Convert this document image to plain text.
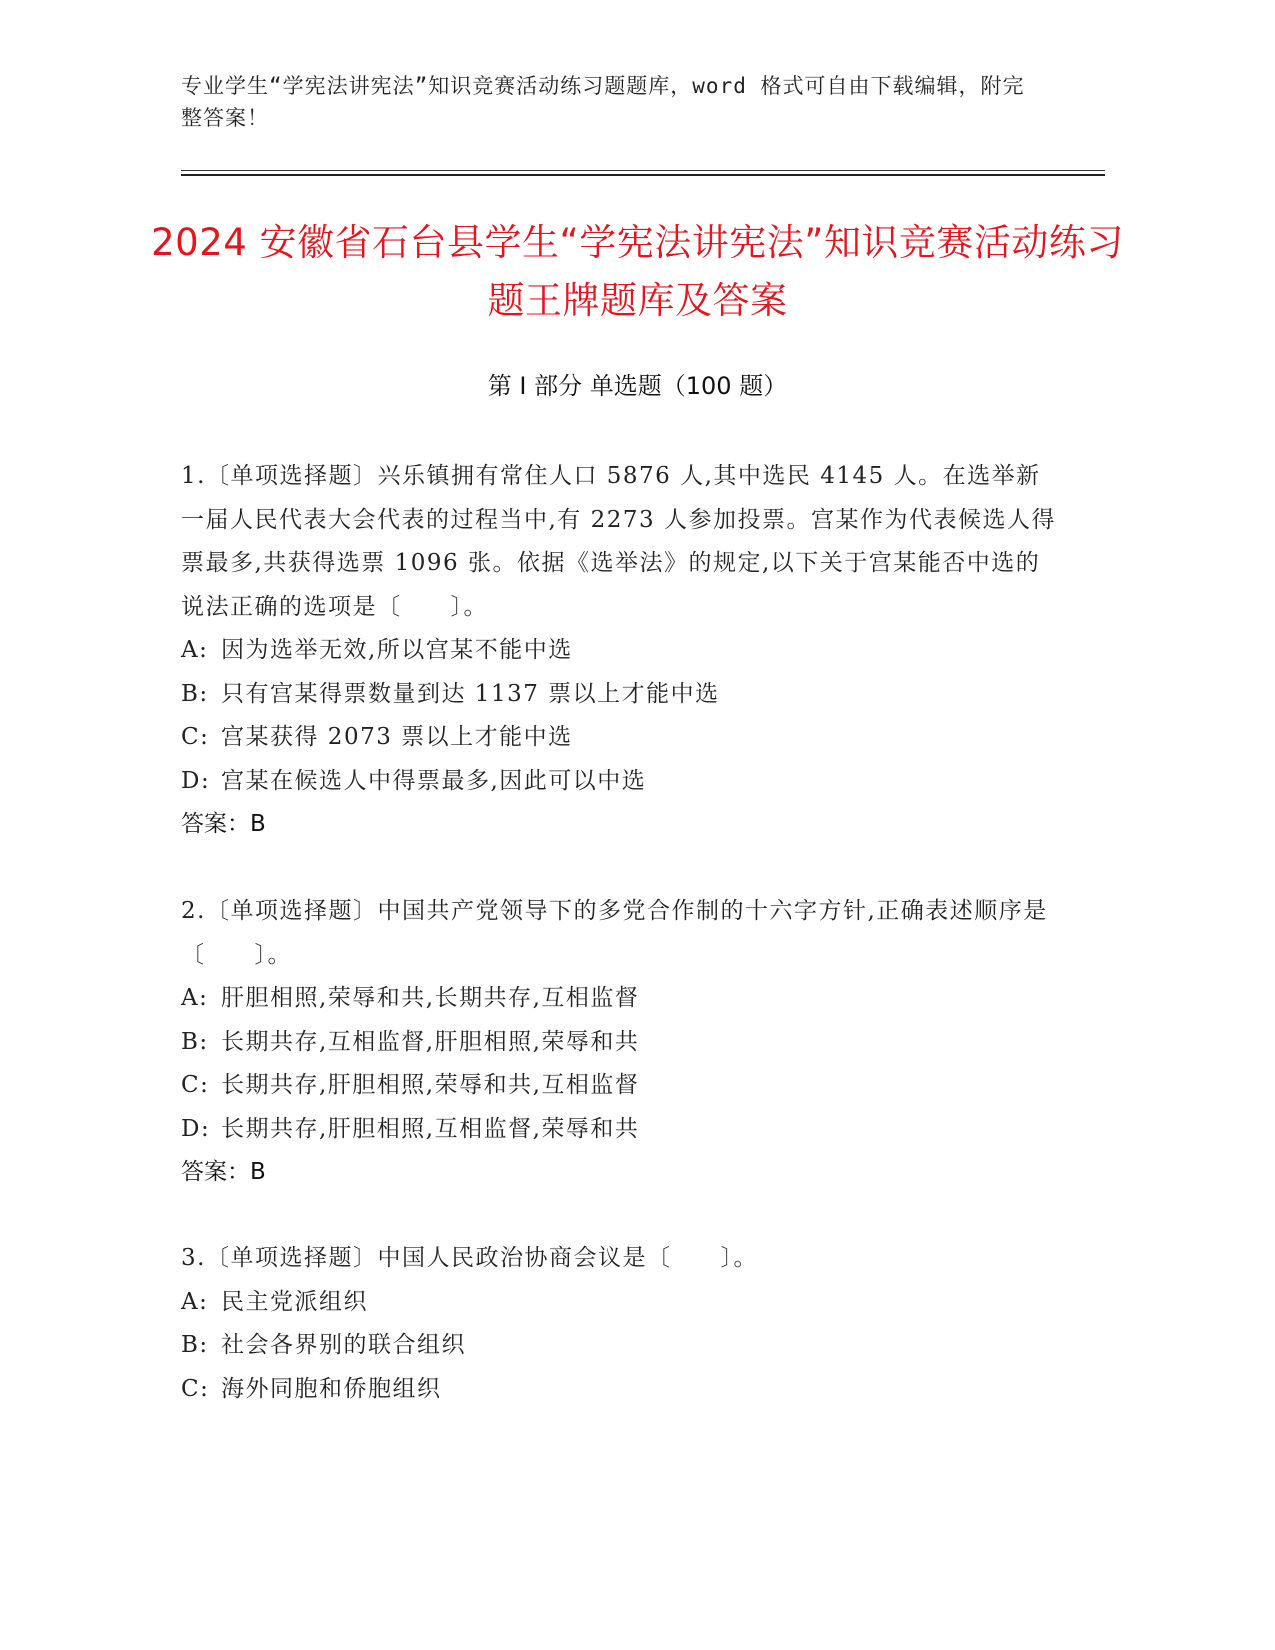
专业学生“学宪法讲宪法”知识竞赛活动练习题题库，word 格式可自由下载编辑，附完整答案！
2024 安徽省石台县学生“学宪法讲宪法”知识竞赛活动练习题王牌题库及答案
第 I 部分 单选题（100 题）

1.〔单项选择题〕兴乐镇拥有常住人口 5876 人,其中选民 4145 人。在选举新一届人民代表大会代表的过程当中,有 2273 人参加投票。宫某作为代表候选人得票最多,共获得选票 1096 张。依据《选举法》的规定,以下关于宫某能否中选的说法正确的选项是〔　　〕。

A: 因为选举无效,所以宫某不能中选

B: 只有宫某得票数量到达 1137 票以上才能中选

C: 宫某获得 2073 票以上才能中选

D: 宫某在候选人中得票最多,因此可以中选

答案：B

2.〔单项选择题〕中国共产党领导下的多党合作制的十六字方针,正确表述顺序是〔　　〕。

A: 肝胆相照,荣辱和共,长期共存,互相监督

B: 长期共存,互相监督,肝胆相照,荣辱和共

C: 长期共存,肝胆相照,荣辱和共,互相监督

D: 长期共存,肝胆相照,互相监督,荣辱和共

答案：B

3.〔单项选择题〕中国人民政治协商会议是〔　　〕。

A: 民主党派组织

B: 社会各界别的联合组织

C: 海外同胞和侨胞组织
